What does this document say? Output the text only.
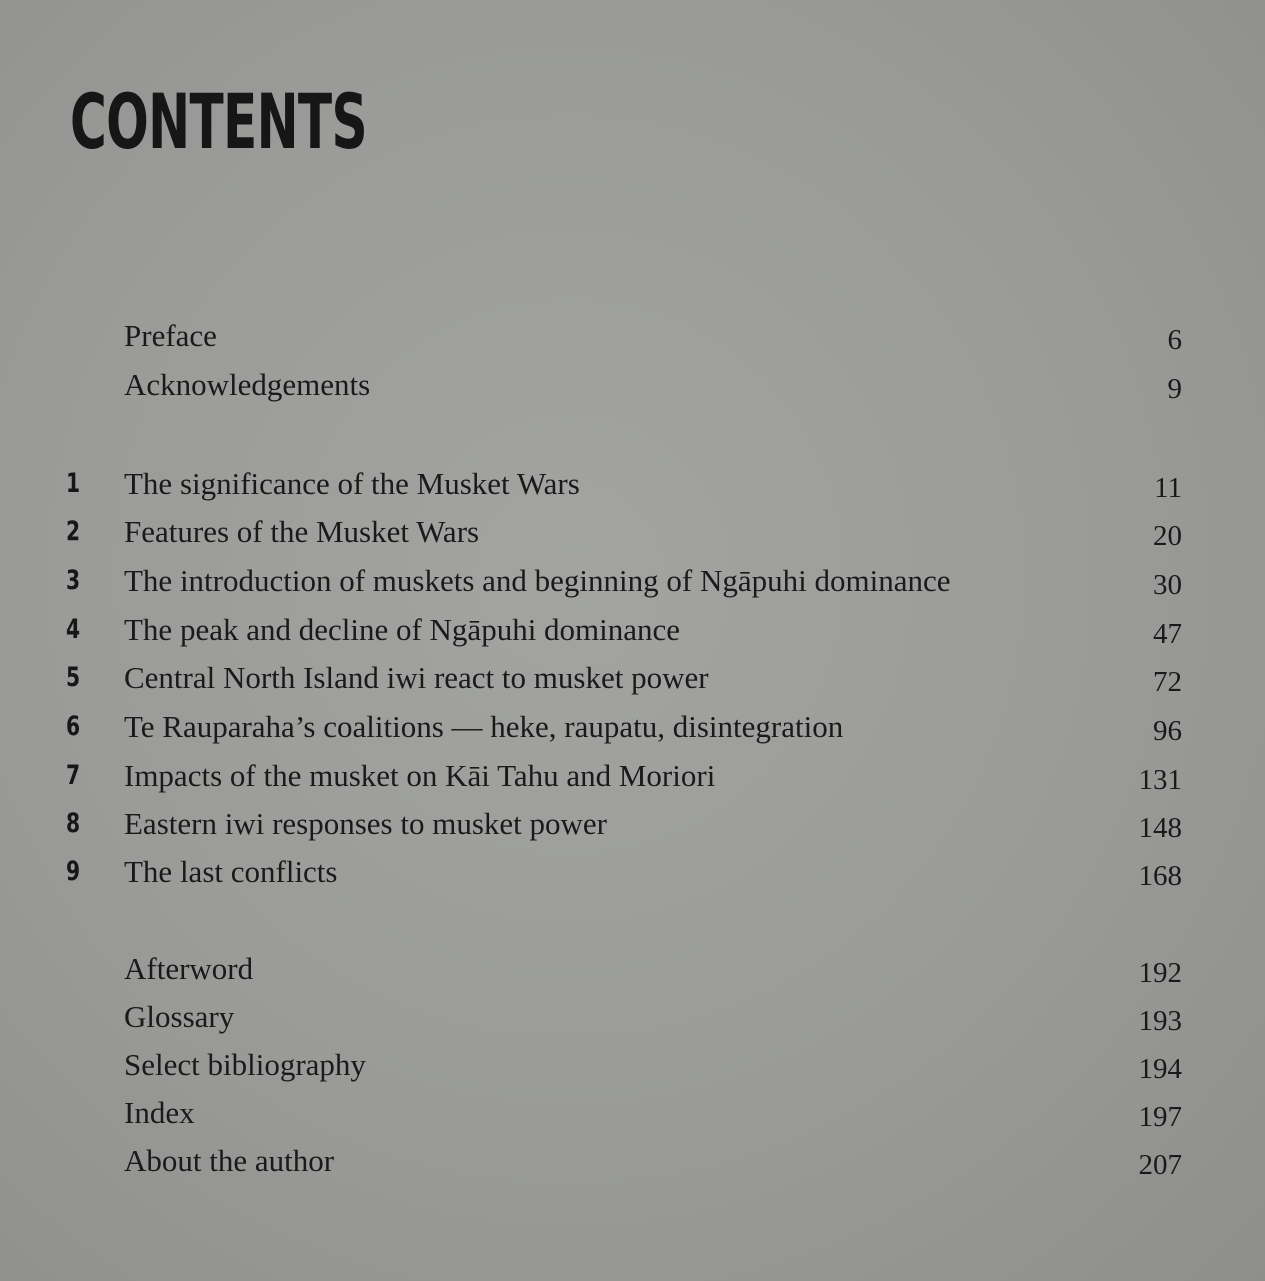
CONTENTS
Preface	6
Acknowledgements	9
1 The significance of the Musket Wars	11
2 Features of the Musket Wars	20
3 The introduction of muskets and beginning of Ngāpuhi dominance	30
4 The peak and decline of Ngāpuhi dominance	47
5 Central North Island iwi react to musket power	72
6 Te Rauparaha’s coalitions — heke, raupatu, disintegration	96
7 Impacts of the musket on Kāi Tahu and Moriori	131
8 Eastern iwi responses to musket power	148
9 The last conflicts	168
Afterword	192
Glossary	193
Select bibliography	194
Index	197
About the author	207
